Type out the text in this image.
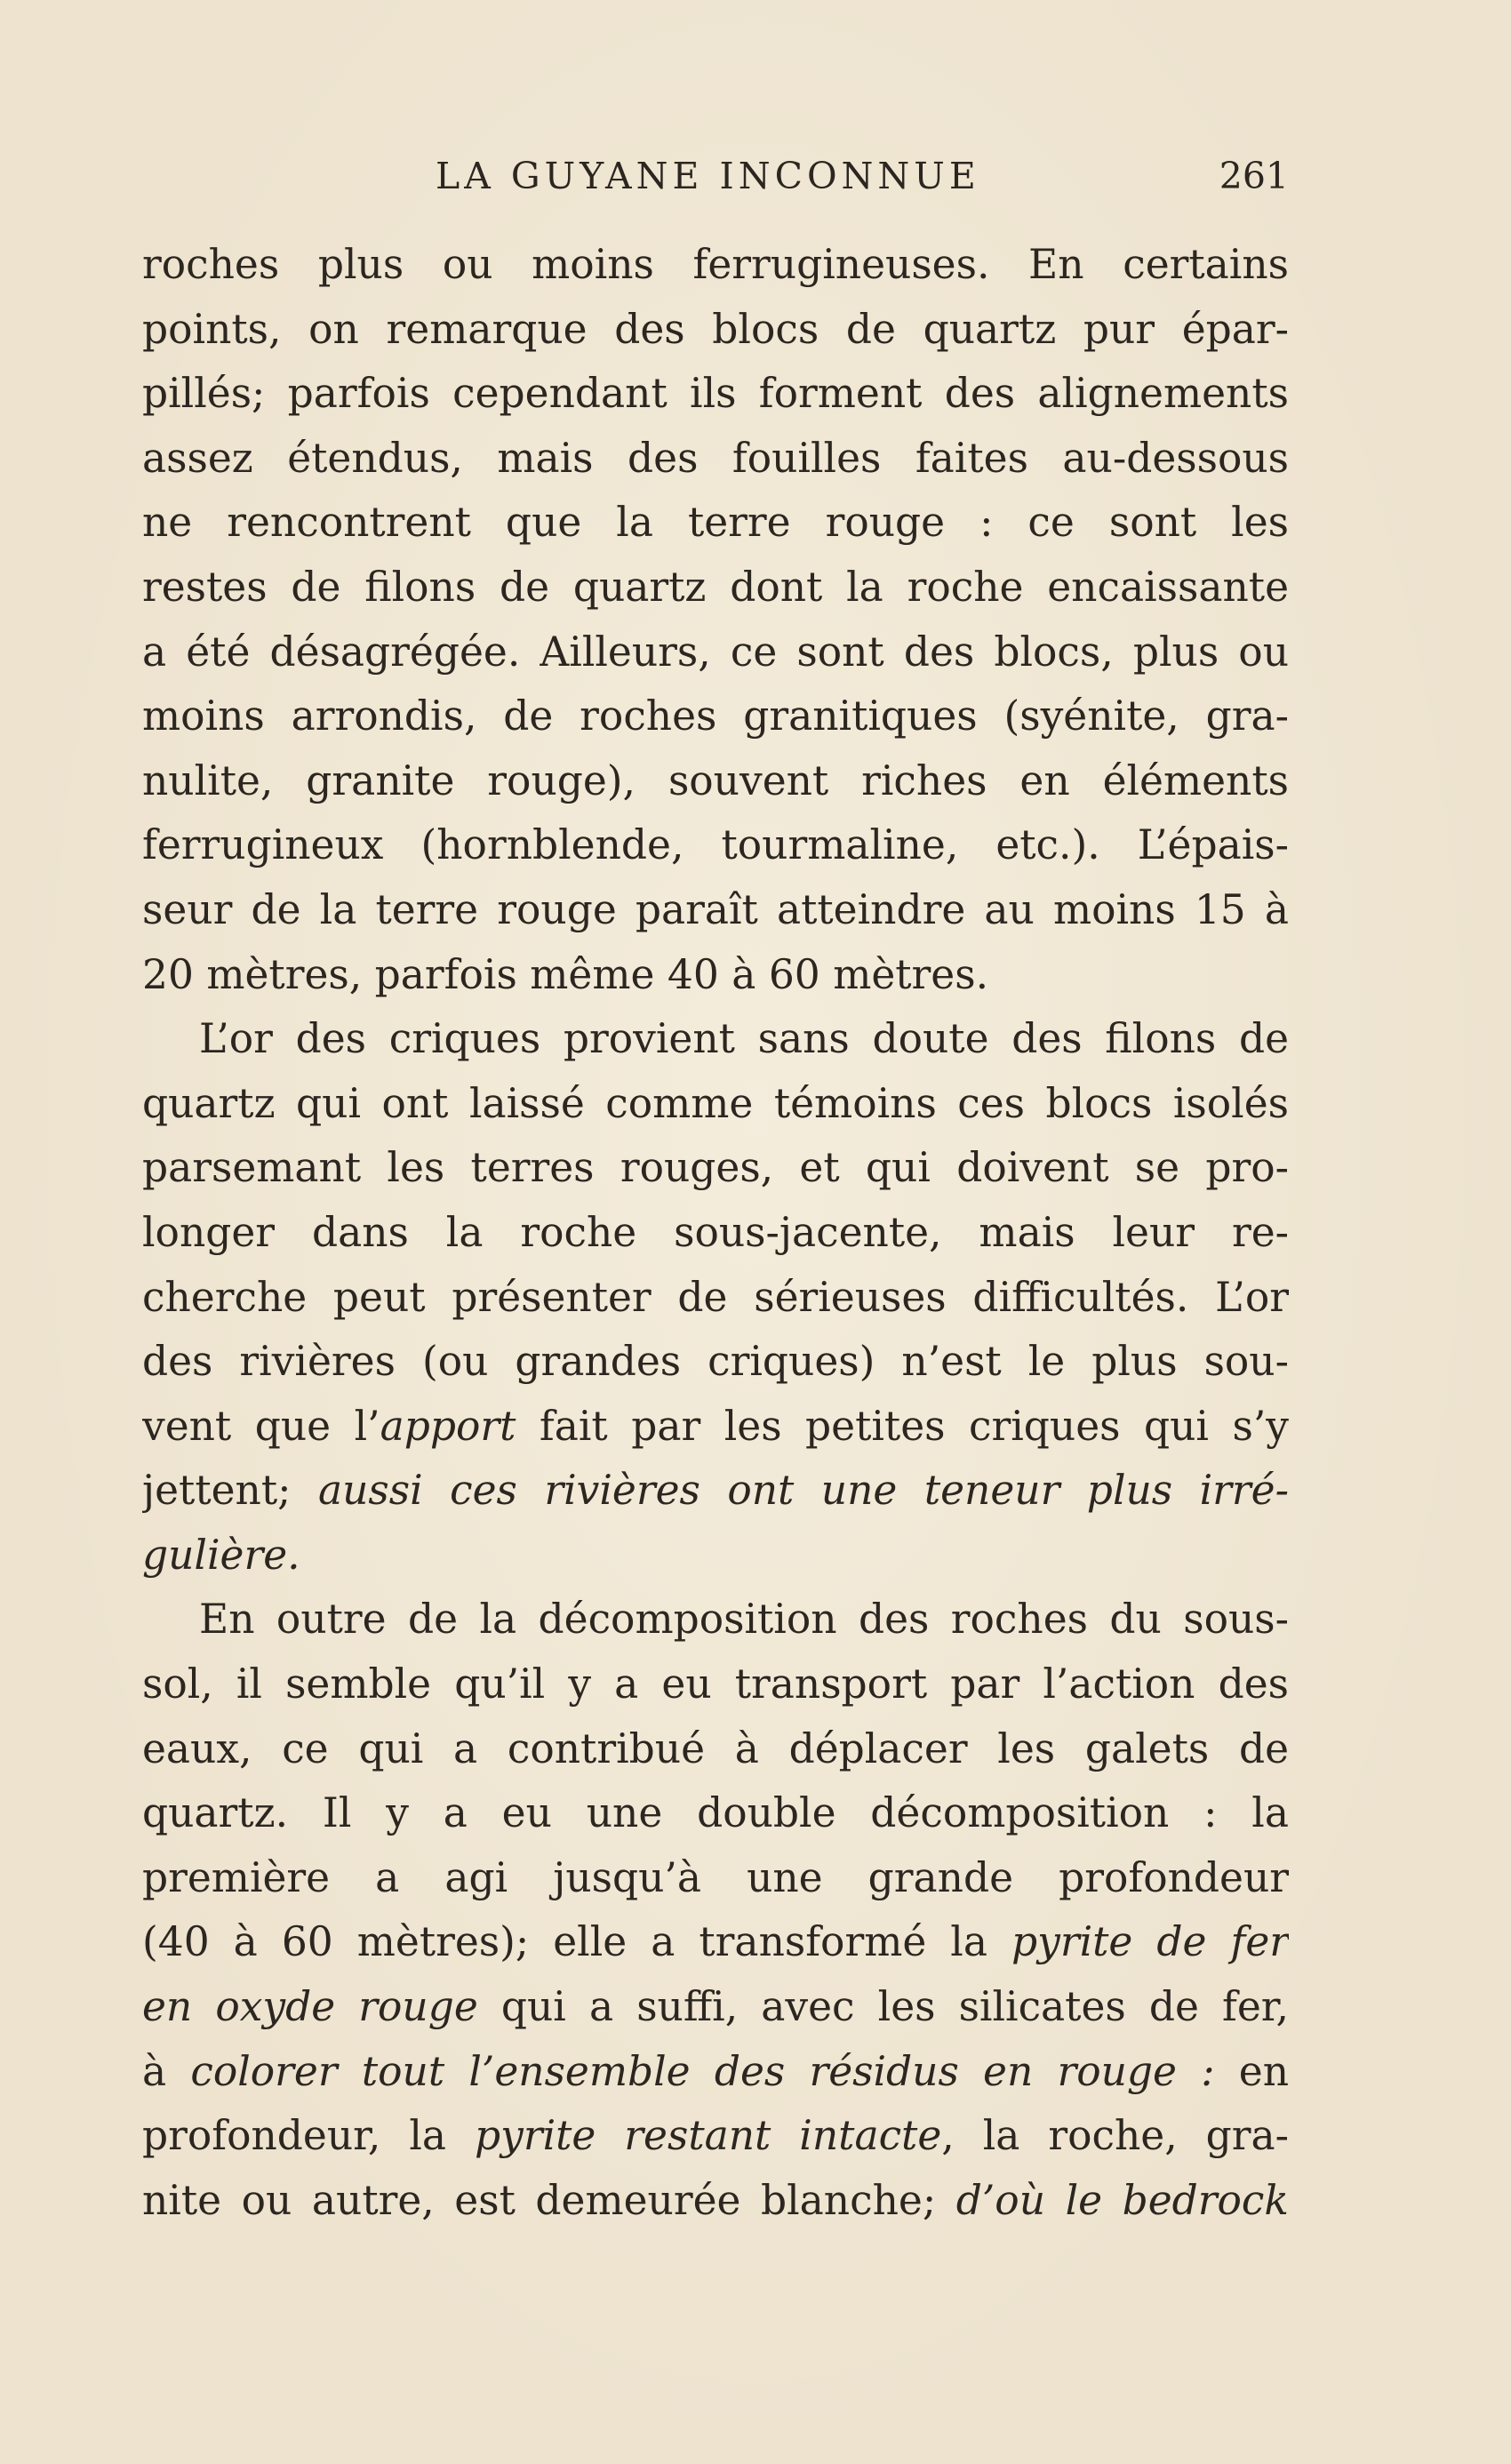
LA GUYANE INCONNUE	261

roches plus ou moins ferrugineuses. En certains
points, on remarque des blocs de quartz pur épar-
pillés; parfois cependant ils forment des alignements
assez étendus, mais des fouilles faites au-dessous
ne rencontrent que la terre rouge : ce sont les
restes de filons de quartz dont la roche encaissante
a été désagrégée. Ailleurs, ce sont des blocs, plus ou
moins arrondis, de roches granitiques (syénite, gra-
nulite, granite rouge), souvent riches en éléments
ferrugineux (hornblende, tourmaline, etc.). L’épais-
seur de la terre rouge paraît atteindre au moins 15 à
20 mètres, parfois même 40 à 60 mètres.

L’or des criques provient sans doute des filons de
quartz qui ont laissé comme témoins ces blocs isolés
parsemant les terres rouges, et qui doivent se pro-
longer dans la roche sous-jacente, mais leur re-
cherche peut présenter de sérieuses difficultés. L’or
des rivières (ou grandes criques) n’est le plus sou-
vent que l’apport fait par les petites criques qui s’y
jettent; aussi ces rivières ont une teneur plus irré-
gulière.

En outre de la décomposition des roches du sous-
sol, il semble qu’il y a eu transport par l’action des
eaux, ce qui a contribué à déplacer les galets de
quartz. Il y a eu une double décomposition : la
première a agi jusqu’à une grande profondeur
(40 à 60 mètres); elle a transformé la pyrite de fer
en oxyde rouge qui a suffi, avec les silicates de fer,
à colorer tout l’ensemble des résidus en rouge : en
profondeur, la pyrite restant intacte, la roche, gra-
nite ou autre, est demeurée blanche; d’où le bedrock
